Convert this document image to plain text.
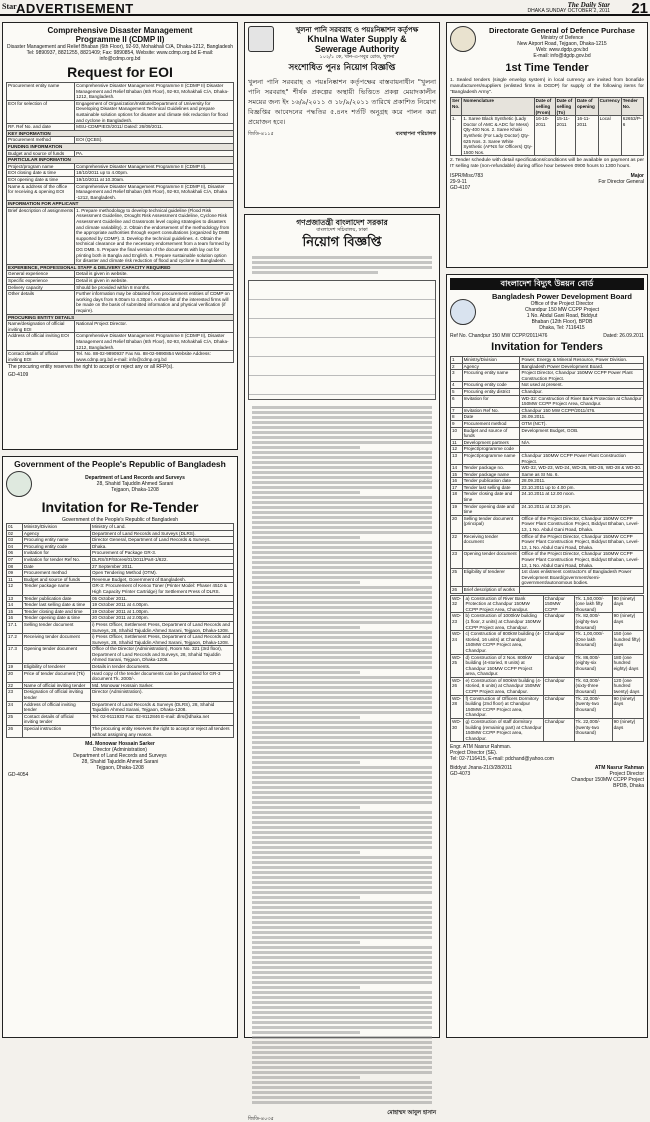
Star ADVERTISEMENT	The Daily Star
DHAKA SUNDAY OCTOBER 2, 2011 21
Comprehensive Disaster Management
Programme II (CDMP II)
Disaster Management and Relief Bhaban (6th Floor), 92-93, Mohakhali C/A, Dhaka-1212, Bangladesh
Tel: 9890937, 8821255, 8821409; Fax: 9890854, Website: www.cdmp.org.bd E-mail: info@cdmp.org.bd
Request for EOI
Procurement entity name	Comprehensive Disaster Management Programme II (CDMP II) Disaster Management and Relief Bhaban (6th Floor), 92-93, Mohakhali C/A, Dhaka-1212, Bangladesh.
EOI for selection of	Engagement of Organization/Institute/Department of University for Developing Disaster Management Technical Guidelines and prepare sustainable solution options for disaster and climate risk reduction for flood and cyclone in Bangladesh.
RF. Ref No. and date	MSU-CDMPIEOI/2011/ Dated: 26/09/2011.
KEY INFORMATION	
Procurement method	EOI (QCBS).
FUNDING INFORMATION	
Budget and source of funds	PA.
PARTICULAR INFORMATION	
Project/program name	Comprehensive Disaster Management Programme II (CDMP II).
EOI closing date & time	18/10/2011 up to 4.00pm.
EOI opening date & time	19/10/2011 at 10.30am.
Name & address of the office for receiving & opening EOI	Comprehensive Disaster Management Programme II (CDMP II), Disaster Management and Relief Bhaban (6th Floor), 92-93, Mohakhali C/A, Dhaka -1212, Bangladesh.
INFORMATION FOR APPLICANT	
Brief description of assignments	1. Prepare methodology to develop technical guideline (Flood Risk Assessment Guideline, Drought Risk Assessment Guideline, Cyclone Risk Assessment Guideline and Grassroots level coping strategies to disasters and climate variability). 2. Obtain the endorsement of the methodology from the appropriate authorities through expert consultations (organized by DMB supported by CDMP). 3. Develop the technical guidelines. 4. Obtain the technical clearance and the necessary endorsement from a team formed by DG DMB. 5. Prepare the final version of the documents with lay out for printing both in Bangla and English. 6. Prepare sustainable solution option for disaster and climate risk reduction of flood and cyclone in Bangladesh.
EXPERIENCE, PROFESSIONAL STAFF & DELIVERY CAPACITY REQUIRED	
General experience	Detail is given in website.
Specific experience	Detail is given in website.
Delivery capacity	Should be provided within 8 months.
Other details	Further information may be obtained from procurement entities of CDMP on working days from 9.00am to 4.30pm. A short-list of the interested firms will be made on the basis of submitted information and physical verification (if require).
PROCURING ENTITY DETAILS	
Name/designation of official inviting EOI	National Project Director.
Address of official inviting EOI	Comprehensive Disaster Management Programme II (CDMP II), Disaster Management and Relief Bhaban (6th Floor), 92-93, Mohakhali C/A, Dhaka-1212, Bangladesh.
Contact details of official inviting EOI	Tel. No. 88-02-9890937 Fax No. 88-02-9890854 Website Address: www.cdmp.org.bd e-mail: info@cdmp.org.bd
The procuring entity reserves the right to accept or reject any or all RFP(s).
GD-4109
Government of the People's Republic of Bangladesh
Department of Land Records and Surveys
28, Shahid Tajuddin Ahmed Sarani
Tejgaon, Dhaka-1208
Invitation for Re-Tender
Government of the People's Republic of Bangladesh
01	Ministry/Division	Ministry of Land.
02	Agency	Department of Land Records and Surveys (DLRS).
03	Procuring entity name	Director General, Department of Land Records & Surveys.
04	Procuring entity code	Dhaka.
06	Invitation for	Procurement of Package GR-3.
07	Invitation for tender Ref No.	DLRS/SP/Stores/01/2011/Part-1/622.
08	Date	27 September 2011.
09	Procurement method	Open Tendering Method (OTM).
11	Budget and source of funds	Revenue Budget, Government of Bangladesh.
12	Tender package name	GR-3: Procurement of Kenox Toner (Printer Model: Phaser 4510 & High Capacity Printer Cartridge) for Settlement Press of DLRS.
13	Tender publication date	05 October 2011.
14	Tender last selling date & time	19 October 2011 at 4.00pm.
15	Tender closing date and time	19 October 2011 at 1.00pm.
16	Tender opening date & time	20 October 2011 at 2.00pm.
17.1	Selling tender document	i) Press Officer, Settlement Press, Department of Land Records and Surveys, 28, Shahid Tajuddin Ahmed Sarani, Tejgaon, Dhaka-1208.
17.2	Receiving tender document	i) Press Officer, Settlement Press, Department of Land Records and Surveys, 28, Shahid Tajuddin Ahmed Sarani, Tejgaon, Dhaka-1208.
17.3	Opening tender document	Office of the Director (Administration), Room No. 321 (3rd floor), Department of Land Records and Surveys, 28, Shahid Tajuddin Ahmed Sarani, Tejgaon, Dhaka-1208.
19	Eligibility of tenderer	Details in tender documents.
20	Price of tender document (Tk)	Hard copy of the tender documents can be purchased for GR-3 document Tk. 2000/-.
22	Name of official inviting tender	Md. Monowar Hossain Sarker.
23	Designation of official inviting tender	Director (Administration).
24	Address of official inviting tender	Department of Land Records & Surveys (DLRS), 28, Shahid Tajuddin Ahmed Sarani, Tejgaon, Dhaka-1208.
25	Contact details of official inviting tender	Tel: 02-9111933 Fax: 02-9112846 E-mail: dlrs@dhaka.net
26	Special instruction	The procuring entity reserves the right to accept or reject all tenders without assigning any reason.
Md. Monowar Hossain Sarker
Director (Administration)
Department of Land Records and Surveys
28, Shahid Tajuddin Ahmed Sarani
Tejgaon, Dhaka-1208
GD-4054
খুলনা পানি সরবরাহ ও পয়ঃনিষ্কাশন কর্তৃপক্ষ
Khulna Water Supply &
Sewerage Authority
১০২/১ কে, খান-এ-সবুর রোড, খুলনা
সংশোধিত পুনঃ নিয়োগ বিজ্ঞপ্তি
খুলনা পানি সরবরাহ ও পয়ঃনিষ্কাশন কর্তৃপক্ষের বাস্তবায়নাধীন "খুলনা পানি সরবরাহ" শীর্ষক প্রকল্পের অস্থায়ী ভিত্তিতে প্রকল্প মেয়াদকালীন সময়ের জন্য ইং ১৬/৯/২০১১ ও ১৮/৯/২০১১ তারিখে প্রকাশিত নিয়োগ বিজ্ঞপ্তির আবেদনের পদ্ধতির ৫.৪নং শর্তটি অনুগ্রহ করে পালন করা প্রয়োজন হবে।
জিডি-৪১১৫	ব্যবস্থাপনা পরিচালক
গণপ্রজাতন্ত্রী বাংলাদেশ সরকার
বাংলাদেশ সচিবালয়, ঢাকা
নিয়োগ বিজ্ঞপ্তি
মোহাম্মদ আবুল হাসান
জিডি-৪০৩৫
Directorate General of Defence Purchase
Ministry of Defence
New Airport Road, Tejgaon, Dhaka-1215
Web: www.dgdp.gov.bd
E-mail: info@dgdp.gov.bd
1st Time Tender
1. Sealed tenders (single envelop system) in local currency are invited from bonafide manufacturers/suppliers (enlisted firms in DGDP) for supply of the following items for "Bangladesh Army".
Ser No.	Nomenclature	Date of selling (From)	Date of selling (To)	Date of opening	Currency	Tender No.
1.	1. Saree Black Synthetic (Lady Doctor of AMC & ADC for Mess) Qty-400 Nos. 2. Saree Khaki Synthetic (For Lady Doctor) Qty-625 Nos. 3. Saree White Synthetic (AFNS for Officers) Qty-1500 Nos.	16-10-2011	15-11-2011	16-11-2011	Local	62653/P-6
2. Tender schedule with detail specifications/conditions will be available on payment as per IT selling rate (non-refundable) during office hour between 0900 hours to 1300 hours.
ISPR/Misc/783
29-9-11
GD-4107
Major
For Director General
বাংলাদেশ বিদ্যুৎ উন্নয়ন বোর্ড
Bangladesh Power Development Board
Office of the Project Director
Chandpur 150 MW CCPP Project
1 No. Abdul Gani Road, Biddyut
Bhaban (12th Floor), BPDB
Dhaka, Tel: 7116415
Ref No. Chandpur 150 MW CCPP/2011/476	Dated: 26.09.2011
Invitation for Tenders
1	Ministry/Division	Power, Energy & Mineral Resource, Power Division.
2	Agency	Bangladesh Power Development Board.
3	Procuring entity name	Project Director, Chandpur 150MW CCPP Power Plant Construction Project.
4	Procuring entity code	Not used at present.
5	Procuring entity district	Chandpur.
6	Invitation for	WD-32: Construction of River Bank Protection at Chandpur 150MW CCPP Project Area, Chandpur.
7	Invitation Ref No.	Chandpur 150 MW CCPP/2011/476.
8	Date	26.09.2011.
9	Procurement method	OTM (NCT).
10	Budget and source of funds	Development Budget, GOB.
11	Development partners	N/A.
12	Project/programme code	
13	Project/programme name	Chandpur 150MW CCPP Power Plant Construction Project.
14	Tender package no.	WD-32, WD-23, WD-24, WD-25, WD-26, WD-28 & WD-30.
15	Tender package name	Same as SI No. 6.
16	Tender publication date	28.09.2011.
17	Tender last selling date	23.10.2011 up to 4.00 pm.
18	Tender closing date and time	24.10.2011 at 12.00 noon.
19	Tender opening date and time	24.10.2011 at 12.30 pm.
20	Selling tender document (principal)	Office of the Project Director, Chandpur 150MW CCPP Power Plant Construction Project, Biddyut Bhaban, Level-13, 1 No. Abdul Gani Road, Dhaka.
22	Receiving tender document	Office of the Project Director, Chandpur 150MW CCPP Power Plant Construction Project, Biddyut Bhaban, Level-13, 1 No. Abdul Gani Road, Dhaka.
23	Opening tender document	Office of the Project Director, Chandpur 150MW CCPP Power Plant Construction Project, Biddyut Bhaban, Level-13, 1 No. Abdul Gani Road, Dhaka.
25	Eligibility of tenderer	1st class enlistment contractor's of Bangladesh Power Development Board/government/semi-government/autonomous bodies.
26	Brief description of works	
WD-32	a) Construction of River Bank Protection at Chandpur 150MW CCPP Project Area, Chandpur.	Chandpur 150MW CCPP	Tk. 1,50,000/- (one lakh fifty thousand)	90 (ninety) days
WD-23	b) Construction of 1000kW building (1 floor, 2 units) at Chandpur 150MW CCPP Project area, Chandpur.	Chandpur	Tk. 82,000/- (eighty-two thousand)	90 (ninety) days
WD-24	c) Construction of 800kW building (4-storied, 16 units) at Chandpur 150MW CCPP Project area, Chandpur.	Chandpur	Tk. 1,00,000/- (One lakh thousand)	150 (one hundred fifty) days
WD-25	d) Construction of 2 Nos. 800kW building (4-storied, 8 units) at Chandpur 150MW CCPP Project area, Chandpur.	Chandpur	Tk. 86,000/- (eighty-six thousand)	180 (one hundred eighty) days
WD-26	e) Construction of 800kW building (4-storied, 8 units) at Chandpur 150MW CCPP Project area, Chandpur.	Chandpur	Tk. 63,000/- (sixty-three thousand)	120 (one hundred twenty) days
WD-28	f) Construction of Officers Dormitory building (2nd floor) at Chandpur 150MW CCPP Project area, Chandpur.	Chandpur	Tk. 22,000/- (twenty-two thousand)	90 (ninety) days
WD-30	g) Construction of staff dormitory building (remaining part) at Chandpur 150MW CCPP Project area, Chandpur.	Chandpur	Tk. 22,000/- (twenty-two thousand)	90 (ninety) days
Engr. ATM Nasrur Rahman.
Project Director (SE).
Tel: 02-7116415, E-mail: pdchand@yahoo.com
Biddyut Jnana-21/3/28/2011
GD-4073
ATM Nasrur Rahman
Project Director
Chandpur 150MW CCPP Project
BPDB, Dhaka
